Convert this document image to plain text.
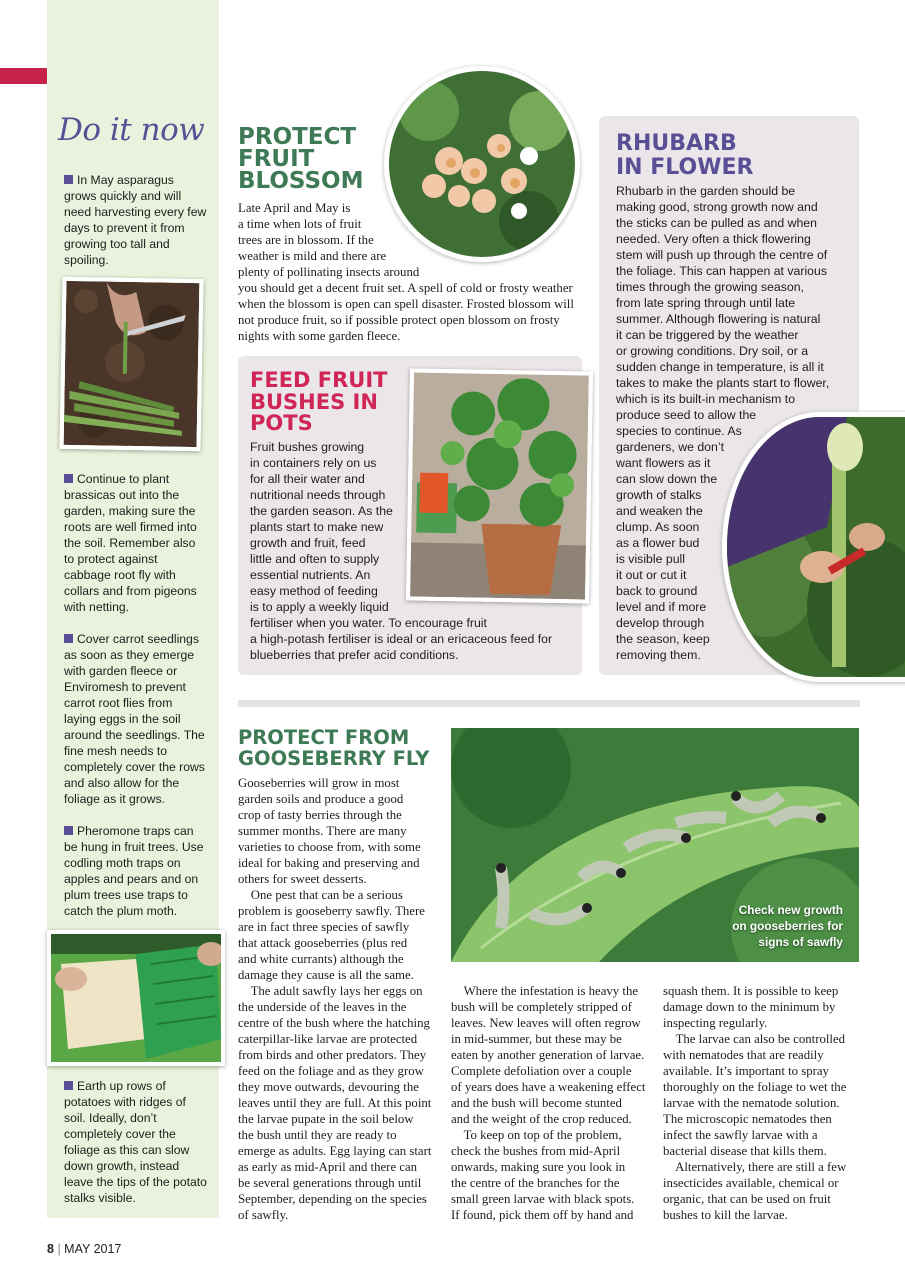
Do it now
In May asparagus grows quickly and will need harvesting every few days to prevent it from growing too tall and spoiling.
Continue to plant brassicas out into the garden, making sure the roots are well firmed into the soil. Remember also to protect against cabbage root fly with collars and from pigeons with netting.
Cover carrot seedlings as soon as they emerge with garden fleece or Enviromesh to prevent carrot root flies from laying eggs in the soil around the seedlings. The fine mesh needs to completely cover the rows and also allow for the foliage as it grows.
Pheromone traps can be hung in fruit trees. Use codling moth traps on apples and pears and on plum trees use traps to catch the plum moth.
Earth up rows of potatoes with ridges of soil. Ideally, don’t completely cover the foliage as this can slow down growth, instead leave the tips of the potato stalks visible.
PROTECT
FRUIT
BLOSSOM
Late April and May is
a time when lots of fruit
trees are in blossom. If the
weather is mild and there are
plenty of pollinating insects around
you should get a decent fruit set. A spell of cold or frosty weather
when the blossom is open can spell disaster. Frosted blossom will
not produce fruit, so if possible protect open blossom on frosty
nights with some garden fleece.
FEED FRUIT
BUSHES IN
POTS
Fruit bushes growing
in containers rely on us
for all their water and
nutritional needs through
the garden season. As the
plants start to make new
growth and fruit, feed
little and often to supply
essential nutrients. An
easy method of feeding
is to apply a weekly liquid
fertiliser when you water. To encourage fruit
a high-potash fertiliser is ideal or an ericaceous feed for
blueberries that prefer acid conditions.
RHUBARB
IN FLOWER
Rhubarb in the garden should be
making good, strong growth now and
the sticks can be pulled as and when
needed. Very often a thick flowering
stem will push up through the centre of
the foliage. This can happen at various
times through the growing season,
from late spring through until late
summer. Although flowering is natural
it can be triggered by the weather
or growing conditions. Dry soil, or a
sudden change in temperature, is all it
takes to make the plants start to flower,
which is its built-in mechanism to
produce seed to allow the
species to continue. As
gardeners, we don’t
want flowers as it
can slow down the
growth of stalks
and weaken the
clump. As soon
as a flower bud
is visible pull
it out or cut it
back to ground
level and if more
develop through
the season, keep
removing them.
PROTECT FROM
GOOSEBERRY FLY
Check new growth
on gooseberries for
signs of sawfly
Gooseberries will grow in most
garden soils and produce a good
crop of tasty berries through the
summer months. There are many
varieties to choose from, with some
ideal for baking and preserving and
others for sweet desserts.
One pest that can be a serious
problem is gooseberry sawfly. There
are in fact three species of sawfly
that attack gooseberries (plus red
and white currants) although the
damage they cause is all the same.
The adult sawfly lays her eggs on
the underside of the leaves in the
centre of the bush where the hatching
caterpillar-like larvae are protected
from birds and other predators. They
feed on the foliage and as they grow
they move outwards, devouring the
leaves until they are full. At this point
the larvae pupate in the soil below
the bush until they are ready to
emerge as adults. Egg laying can start
as early as mid-April and there can
be several generations through until
September, depending on the species
of sawfly.
Where the infestation is heavy the
bush will be completely stripped of
leaves. New leaves will often regrow
in mid-summer, but these may be
eaten by another generation of larvae.
Complete defoliation over a couple
of years does have a weakening effect
and the bush will become stunted
and the weight of the crop reduced.
To keep on top of the problem,
check the bushes from mid-April
onwards, making sure you look in
the centre of the branches for the
small green larvae with black spots.
If found, pick them off by hand and
squash them. It is possible to keep
damage down to the minimum by
inspecting regularly.
The larvae can also be controlled
with nematodes that are readily
available. It’s important to spray
thoroughly on the foliage to wet the
larvae with the nematode solution.
The microscopic nematodes then
infect the sawfly larvae with a
bacterial disease that kills them.
Alternatively, there are still a few
insecticides available, chemical or
organic, that can be used on fruit
bushes to kill the larvae.
8 | MAY 2017
